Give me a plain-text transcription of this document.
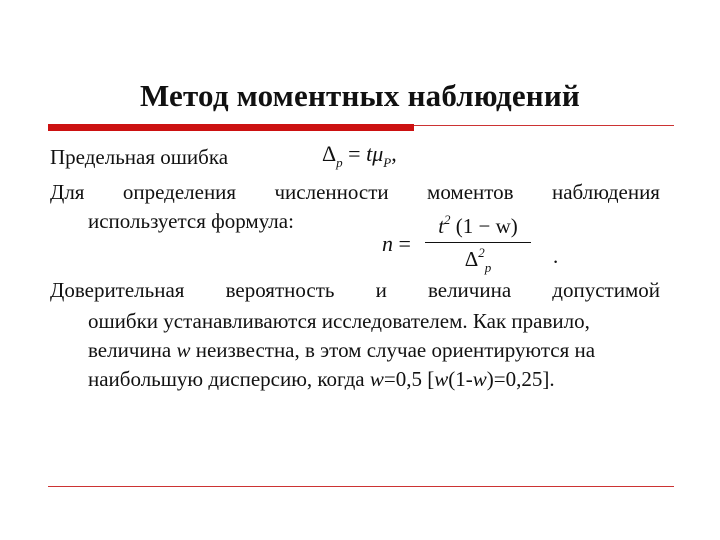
Метод моментных наблюдений
Предельная ошибка	$\Delta_p = t\mu_P$,
Для определения численности моментов наблюдения
используется формула:
n =
$t^2$ (1 − w)
$\Delta^2_p$	.
Доверительная вероятность и величина допустимой
ошибки устанавливаются исследователем. Как правило,
величина w неизвестна, в этом случае ориентируются на
наибольшую дисперсию, когда w=0,5 [w(1-w)=0,25].
